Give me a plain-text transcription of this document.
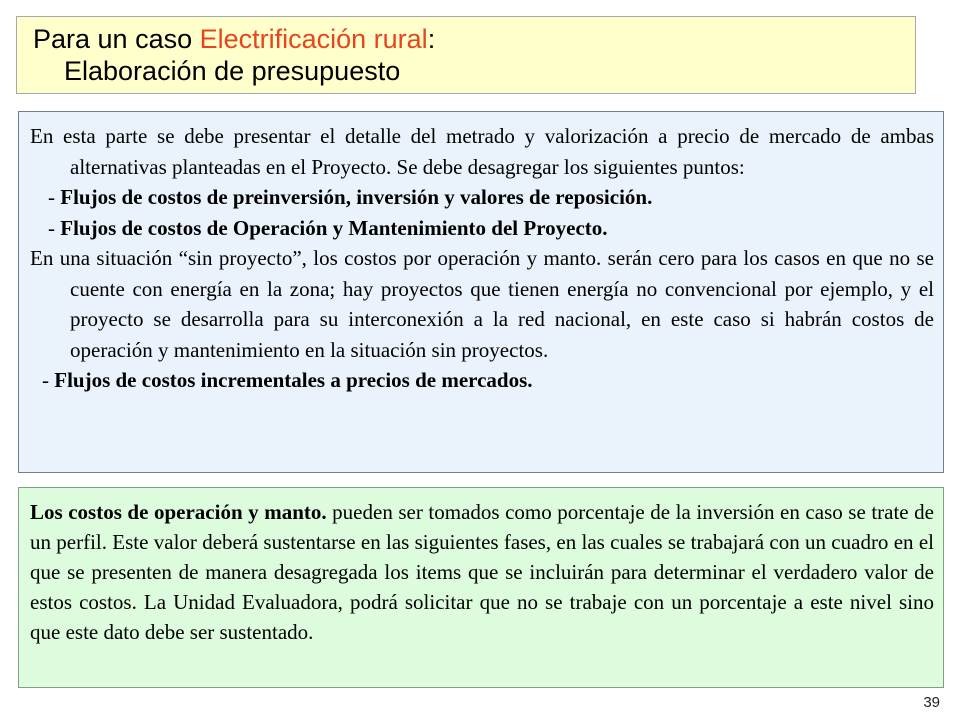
Para un caso Electrificación rural:
Elaboración de presupuesto

En esta parte se debe presentar el detalle del metrado y valorización a precio de mercado de ambas alternativas planteadas en el Proyecto. Se debe desagregar los siguientes puntos:

- Flujos de costos de preinversión, inversión y valores de reposición.

- Flujos de costos de Operación y Mantenimiento del Proyecto.

En una situación “sin proyecto”, los costos por operación y manto. serán cero para los casos en que no se cuente con energía en la zona; hay proyectos que tienen energía no convencional por ejemplo, y el proyecto se desarrolla para su interconexión a la red nacional, en este caso si habrán costos de operación y mantenimiento en la situación sin proyectos.

- Flujos de costos incrementales a precios de mercados.

Los costos de operación y manto. pueden ser tomados como porcentaje de la inversión en caso se trate de un perfil. Este valor deberá sustentarse en las siguientes fases, en las cuales se trabajará con un cuadro en el que se presenten de manera desagregada los items que se incluirán para determinar el verdadero valor de estos costos. La Unidad Evaluadora, podrá solicitar que no se trabaje con un porcentaje a este nivel sino que este dato debe ser sustentado.

39
